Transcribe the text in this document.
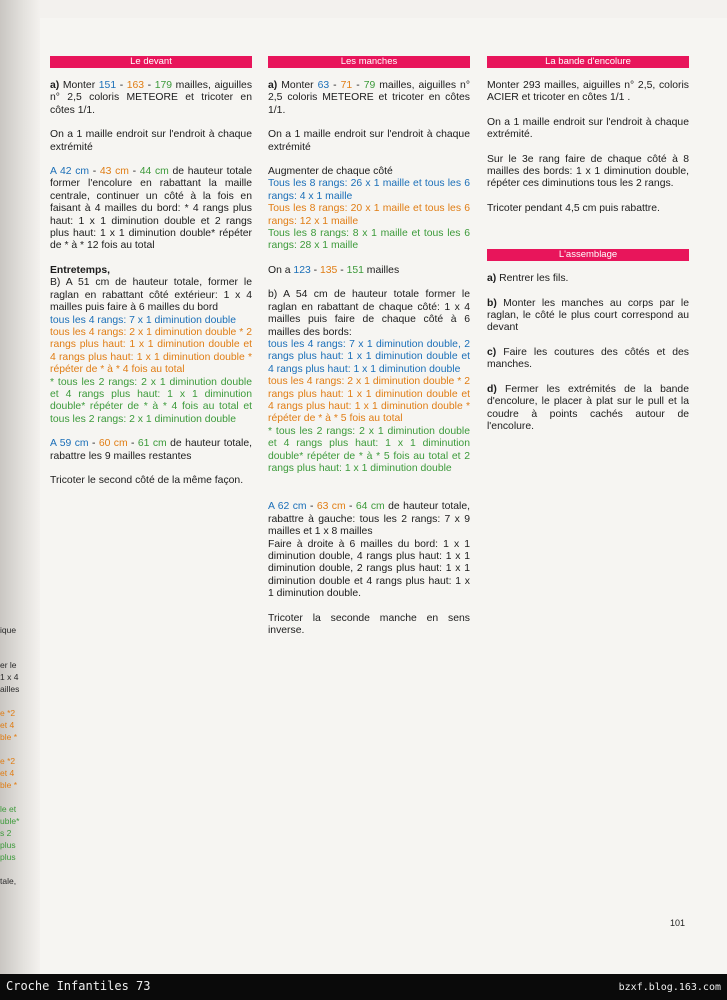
ique
er le
1 x 4
ailles
e *2
et 4
ble *
e *2
et 4
ble *
le et
uble*
s 2
plus
plus
tale,
Le devant

a) Monter 151 - 163 - 179 mailles, aiguilles n° 2,5 coloris METEORE et tricoter en côtes 1/1.

On a 1 maille endroit sur l'endroit à chaque extrémité

A 42 cm - 43 cm - 44 cm de hauteur totale former l'encolure en rabattant la maille centrale, continuer un côté à la fois en faisant à 4 mailles du bord: * 4 rangs plus haut: 1 x 1 diminution double et 2 rangs plus haut: 1 x 1 diminution double* répéter de * à * 12 fois au total

Entretemps,

B) A 51 cm de hauteur totale, former le raglan en rabattant côté extérieur: 1 x 4 mailles puis faire à 6 mailles du bord

tous les 4 rangs: 7 x 1 diminution double

tous les 4 rangs: 2 x 1 diminution double * 2 rangs plus haut: 1 x 1 diminution double et 4 rangs plus haut: 1 x 1 diminution double * répéter de * à * 4 fois au total

* tous les 2 rangs: 2 x 1 diminution double et 4 rangs plus haut: 1 x 1 diminution double* répéter de * à * 4 fois au total et tous les 2 rangs: 2 x 1 diminution double

A 59 cm - 60 cm - 61 cm de hauteur totale, rabattre les 9 mailles restantes

Tricoter le second côté de la même façon.

Les manches

a) Monter 63 - 71 - 79 mailles, aiguilles n° 2,5 coloris METEORE et tricoter en côtes 1/1.

On a 1 maille endroit sur l'endroit à chaque extrémité

Augmenter de chaque côté

Tous les 8 rangs: 26 x 1 maille et tous les 6 rangs: 4 x 1 maille

Tous les 8 rangs: 20 x 1 maille et tous les 6 rangs: 12 x 1 maille

Tous les 8 rangs: 8 x 1 maille et tous les 6 rangs: 28 x 1 maille

On a 123 - 135 - 151 mailles

b) A 54 cm de hauteur totale former le raglan en rabattant de chaque côté: 1 x 4 mailles puis faire de chaque côté à 6 mailles des bords:

tous les 4 rangs: 7 x 1 diminution double, 2 rangs plus haut: 1 x 1 diminution double et 4 rangs plus haut: 1 x 1 diminution double

tous les 4 rangs: 2 x 1 diminution double * 2 rangs plus haut: 1 x 1 diminution double et 4 rangs plus haut: 1 x 1 diminution double * répéter de * à * 5 fois au total

* tous les 2 rangs: 2 x 1 diminution double et 4 rangs plus haut: 1 x 1 diminution double* répéter de * à * 5 fois au total et 2 rangs plus haut: 1 x 1 diminution double

A 62 cm - 63 cm - 64 cm de hauteur totale, rabattre à gauche: tous les 2 rangs: 7 x 9 mailles et 1 x 8 mailles

Faire à droite à 6 mailles du bord: 1 x 1 diminution double, 4 rangs plus haut: 1 x 1 diminution double, 2 rangs plus haut: 1 x 1 diminution double et 4 rangs plus haut: 1 x 1 diminution double.

Tricoter la seconde manche en sens inverse.

La bande d'encolure

Monter 293 mailles, aiguilles n° 2,5, coloris ACIER et tricoter en côtes 1/1 .

On a 1 maille endroit sur l'endroit à chaque extrémité.

Sur le 3e rang faire de chaque côté à 8 mailles des bords: 1 x 1 diminution double, répéter ces diminutions tous les 2 rangs.

Tricoter pendant 4,5 cm puis rabattre.

L'assemblage

a) Rentrer les fils.

b) Monter les manches au corps par le raglan, le côté le plus court correspond au devant

c) Faire les coutures des côtés et des manches.

d) Fermer les extrémités de la bande d'encolure, le placer à plat sur le pull et la coudre à points cachés autour de l'encolure.

101
Croche Infantiles 73	bzxf.blog.163.com
